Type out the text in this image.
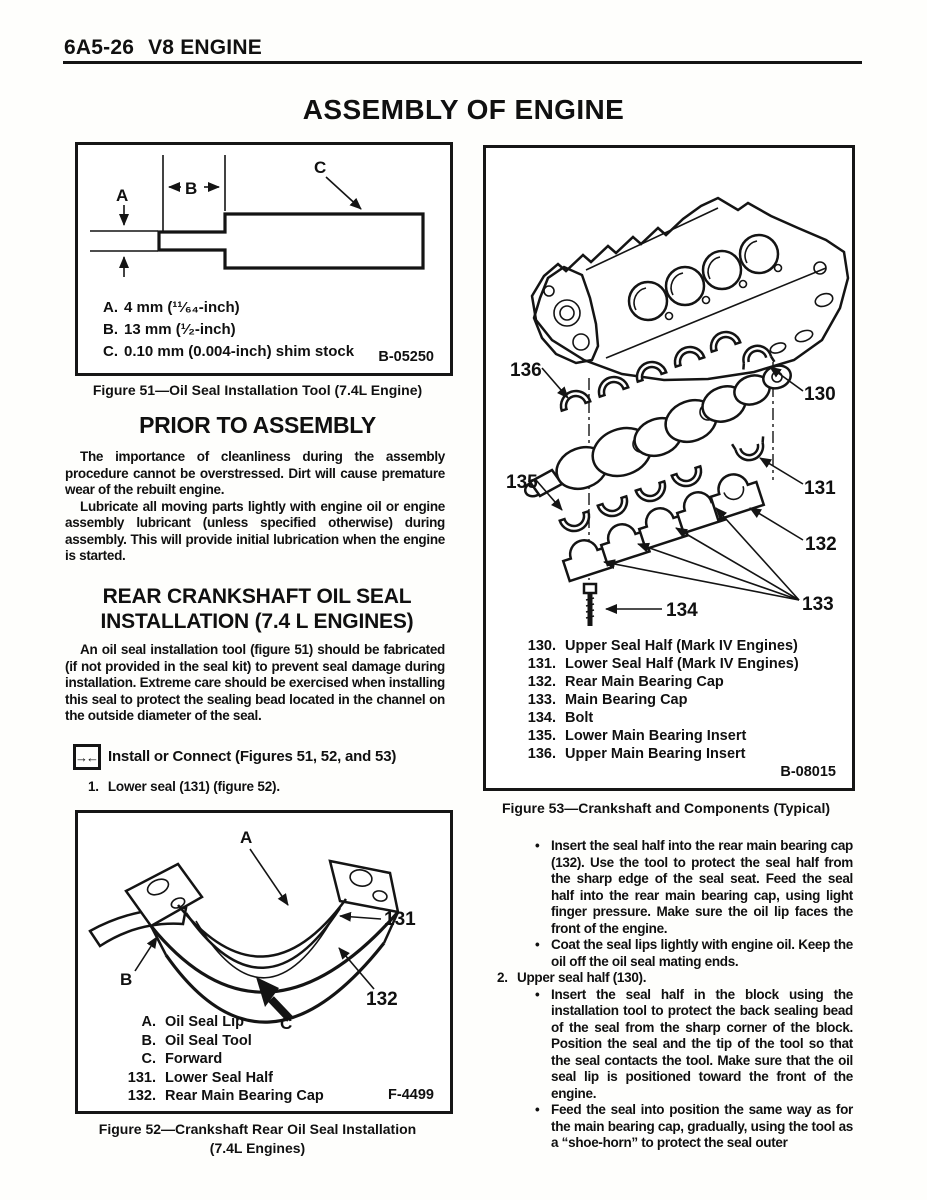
6A5-26 V8 ENGINE
ASSEMBLY OF ENGINE
B
A
C
A. 4 mm (¹¹⁄₆₄-inch)
B. 13 mm (¹⁄₂-inch)
C. 0.10 mm (0.004-inch) shim stock B-05250
Figure 51—Oil Seal Installation Tool (7.4L Engine)
PRIOR TO ASSEMBLY

The importance of cleanliness during the assembly procedure cannot be overstressed. Dirt will cause premature wear of the rebuilt engine.

Lubricate all moving parts lightly with engine oil or engine assembly lubricant (unless specified otherwise) during assembly. This will provide initial lubrication when the engine is started.

REAR CRANKSHAFT OIL SEAL INSTALLATION (7.4 L ENGINES)

An oil seal installation tool (figure 51) should be fabricated (if not provided in the seal kit) to prevent seal damage during installation. Extreme care should be exercised when installing this seal to protect the sealing bead located in the channel on the outside diameter of the seal.

→← Install or Connect (Figures 51, 52, and 53)
1. Lower seal (131) (figure 52).
A
B
131
132
C
A. Oil Seal Lip
B. Oil Seal Tool
C. Forward
131. Lower Seal Half
132. Rear Main Bearing Cap	F-4499
Figure 52—Crankshaft Rear Oil Seal Installation
(7.4L Engines)
136
130
135	131
132
133
134
130. Upper Seal Half (Mark IV Engines)
131. Lower Seal Half (Mark IV Engines)
132. Rear Main Bearing Cap
133. Main Bearing Cap
134. Bolt
135. Lower Main Bearing Insert
136. Upper Main Bearing Insert
B-08015
Figure 53—Crankshaft and Components (Typical)
• Insert the seal half into the rear main bearing cap (132). Use the tool to protect the seal half from the sharp edge of the seal seat. Feed the seal half into the rear main bearing cap, using light finger pressure. Make sure the oil lip faces the front of the engine.

• Coat the seal lips lightly with engine oil. Keep the oil off the oil seal mating ends.

2. Upper seal half (130).
• Insert the seal half in the block using the installation tool to protect the back sealing bead of the seal from the sharp corner of the block. Position the seal and the tip of the tool so that the seal contacts the tool. Make sure that the oil seal lip is positioned toward the front of the engine.

• Feed the seal into position the same way as for the main bearing cap, gradually, using the tool as a “shoe-horn” to protect the seal outer
